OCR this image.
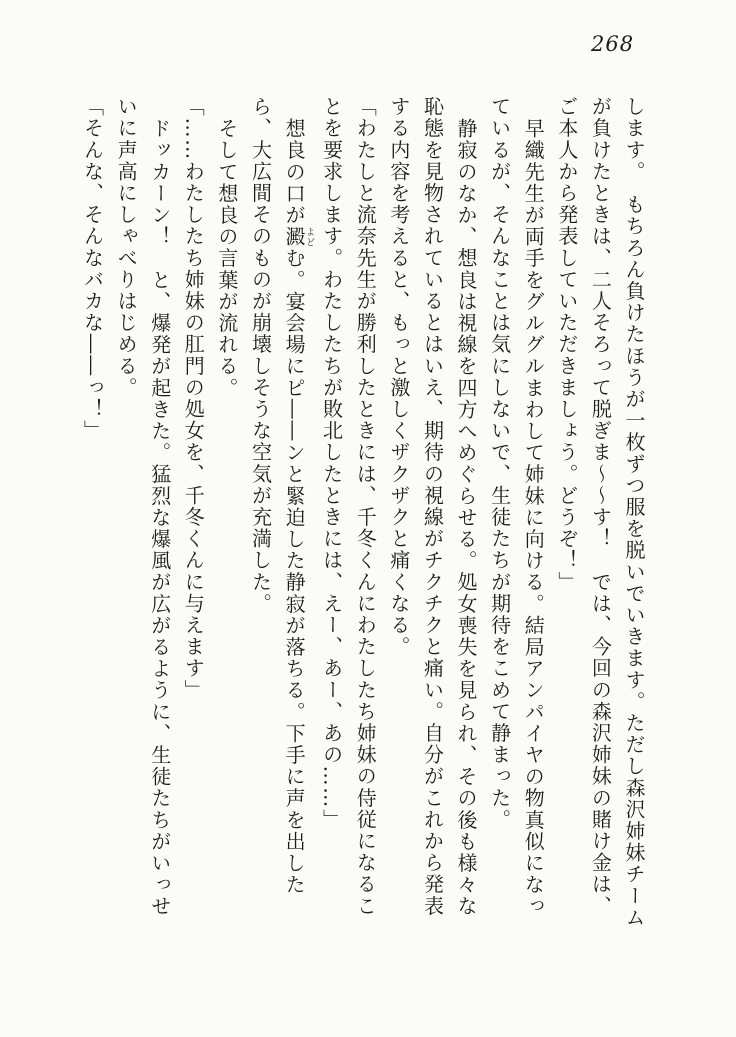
268
します。　もちろん負けたほうが一枚ずつ服を脱いでいきます。ただし森沢姉妹チーム
が負けたときは、二人そろって脱ぎま～～す！　では、今回の森沢姉妹の賭け金は、
ご本人から発表していただきましょう。どうぞ！」
早織先生が両手をグルグルまわして姉妹に向ける。結局アンパイヤの物真似になっ
ているが、そんなことは気にしないで、生徒たちが期待をこめて静まった。
静寂のなか、想良は視線を四方へめぐらせる。処女喪失を見られ、その後も様々な
恥態を見物されているとはいえ、期待の視線がチクチクと痛い。自分がこれから発表
する内容を考えると、もっと激しくザクザクと痛くなる。
「わたしと流奈先生が勝利したときには、千冬くんにわたしたち姉妹の侍従になるこ
とを要求します。わたしたちが敗北したときには、えー、あー、あの……」
想良の口が澱よどむ。宴会場にピ――ンと緊迫した静寂が落ちる。下手に声を出した
ら、大広間そのものが崩壊しそうな空気が充満した。
そして想良の言葉が流れる。
「……わたしたち姉妹の肛門の処女を、千冬くんに与えます」
ドッカーン！　と、爆発が起きた。猛烈な爆風が広がるように、生徒たちがいっせ
いに声高にしゃべりはじめる。
「そんな、そんなバカな――っ！」
